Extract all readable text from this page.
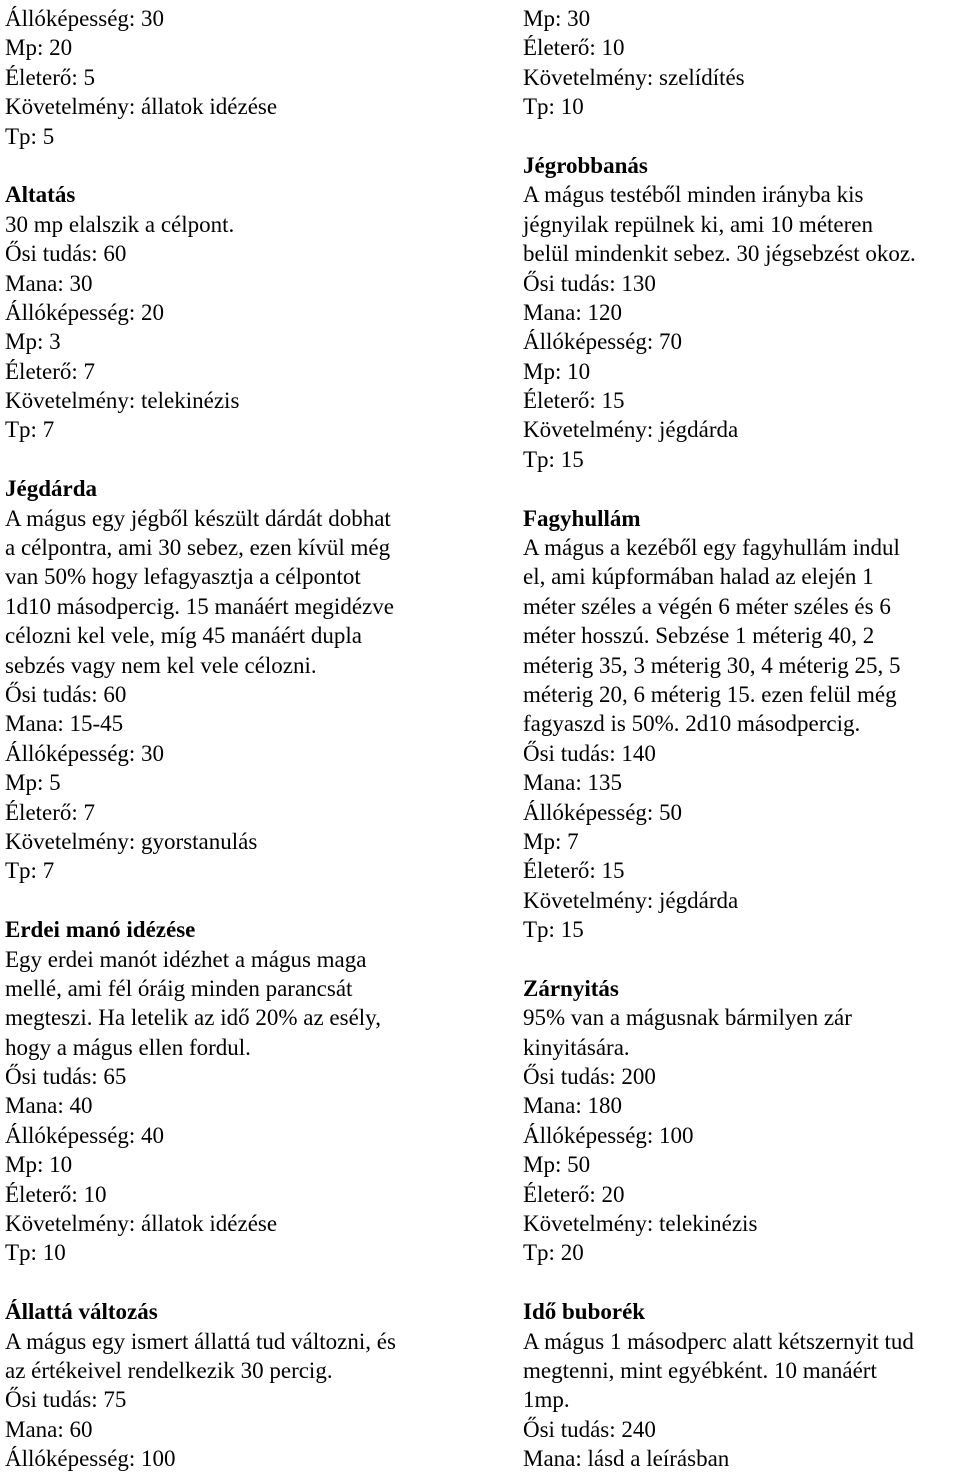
Állóképesség: 30
Mp: 20
Életerő: 5
Követelmény: állatok idézése
Tp: 5
Altatás
30 mp elalszik a célpont.
Ősi tudás: 60
Mana: 30
Állóképesség: 20
Mp: 3
Életerő: 7
Követelmény: telekinézis
Tp: 7
Jégdárda
A mágus egy jégből készült dárdát dobhat
a célpontra, ami 30 sebez, ezen kívül még
van 50% hogy lefagyasztja a célpontot
1d10 másodpercig. 15 manáért megidézve
célozni kel vele, míg 45 manáért dupla
sebzés vagy nem kel vele célozni.
Ősi tudás: 60
Mana: 15-45
Állóképesség: 30
Mp: 5
Életerő: 7
Követelmény: gyorstanulás
Tp: 7
Erdei manó idézése
Egy erdei manót idézhet a mágus maga
mellé, ami fél óráig minden parancsát
megteszi. Ha letelik az idő 20% az esély,
hogy a mágus ellen fordul.
Ősi tudás: 65
Mana: 40
Állóképesség: 40
Mp: 10
Életerő: 10
Követelmény: állatok idézése
Tp: 10
Állattá változás
A mágus egy ismert állattá tud változni, és
az értékeivel rendelkezik 30 percig.
Ősi tudás: 75
Mana: 60
Állóképesség: 100
Mp: 30
Életerő: 10
Követelmény: szelídítés
Tp: 10
Jégrobbanás
A mágus testéből minden irányba kis
jégnyilak repülnek ki, ami 10 méteren
belül mindenkit sebez. 30 jégsebzést okoz.
Ősi tudás: 130
Mana: 120
Állóképesség: 70
Mp: 10
Életerő: 15
Követelmény: jégdárda
Tp: 15
Fagyhullám
A mágus a kezéből egy fagyhullám indul
el, ami kúpformában halad az elején 1
méter széles a végén 6 méter széles és 6
méter hosszú. Sebzése 1 méterig 40, 2
méterig 35, 3 méterig 30, 4 méterig 25, 5
méterig 20, 6 méterig 15. ezen felül még
fagyaszd is 50%. 2d10 másodpercig.
Ősi tudás: 140
Mana: 135
Állóképesség: 50
Mp: 7
Életerő: 15
Követelmény: jégdárda
Tp: 15
Zárnyitás
95% van a mágusnak bármilyen zár
kinyitására.
Ősi tudás: 200
Mana: 180
Állóképesség: 100
Mp: 50
Életerő: 20
Követelmény: telekinézis
Tp: 20
Idő buborék
A mágus 1 másodperc alatt kétszernyit tud
megtenni, mint egyébként. 10 manáért
1mp.
Ősi tudás: 240
Mana: lásd a leírásban
